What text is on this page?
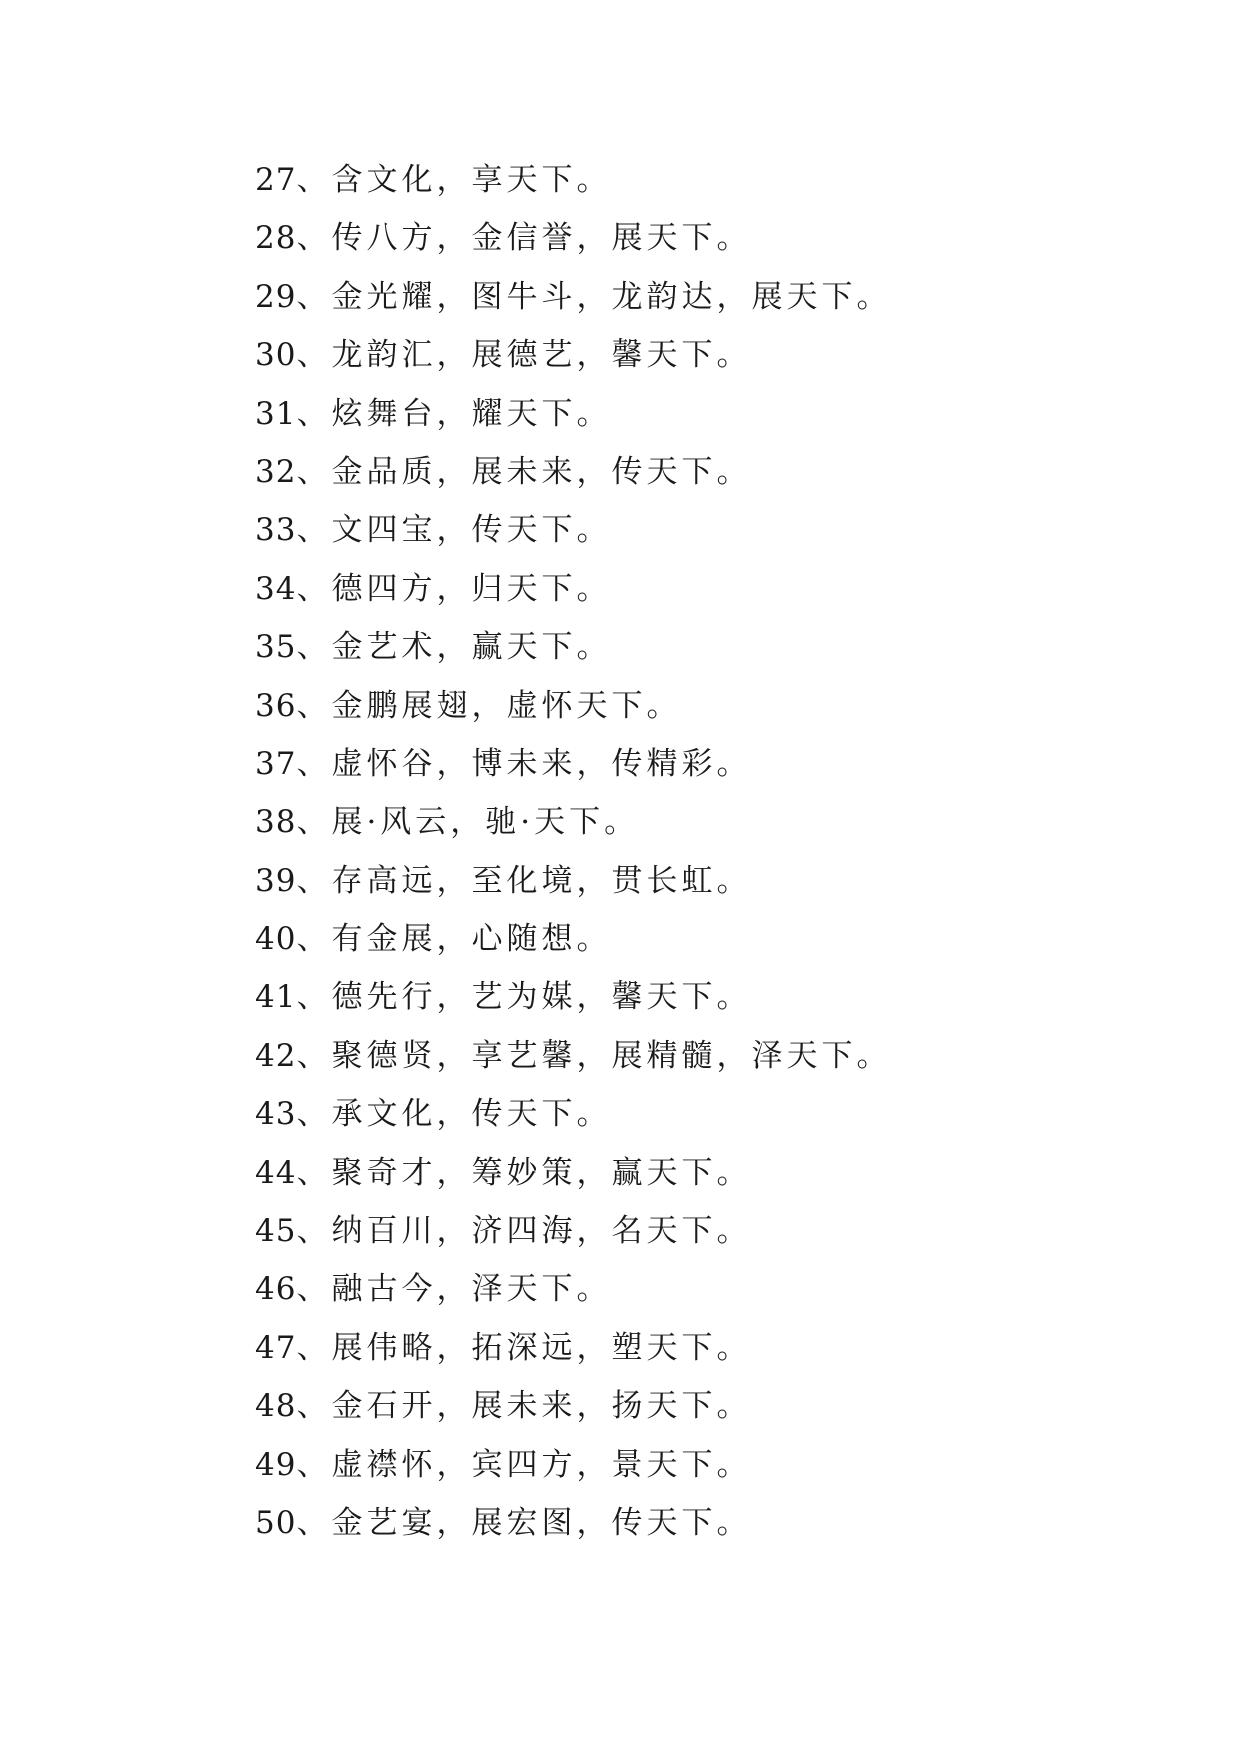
27、含文化，享天下。
28、传八方，金信誉，展天下。
29、金光耀，图牛斗，龙韵达，展天下。
30、龙韵汇，展德艺，馨天下。
31、炫舞台，耀天下。
32、金品质，展未来，传天下。
33、文四宝，传天下。
34、德四方，归天下。
35、金艺术，赢天下。
36、金鹏展翅，虚怀天下。
37、虚怀谷，博未来，传精彩。
38、展·风云，驰·天下。
39、存高远，至化境，贯长虹。
40、有金展，心随想。
41、德先行，艺为媒，馨天下。
42、聚德贤，享艺馨，展精髓，泽天下。
43、承文化，传天下。
44、聚奇才，筹妙策，赢天下。
45、纳百川，济四海，名天下。
46、融古今，泽天下。
47、展伟略，拓深远，塑天下。
48、金石开，展未来，扬天下。
49、虚襟怀，宾四方，景天下。
50、金艺宴，展宏图，传天下。
